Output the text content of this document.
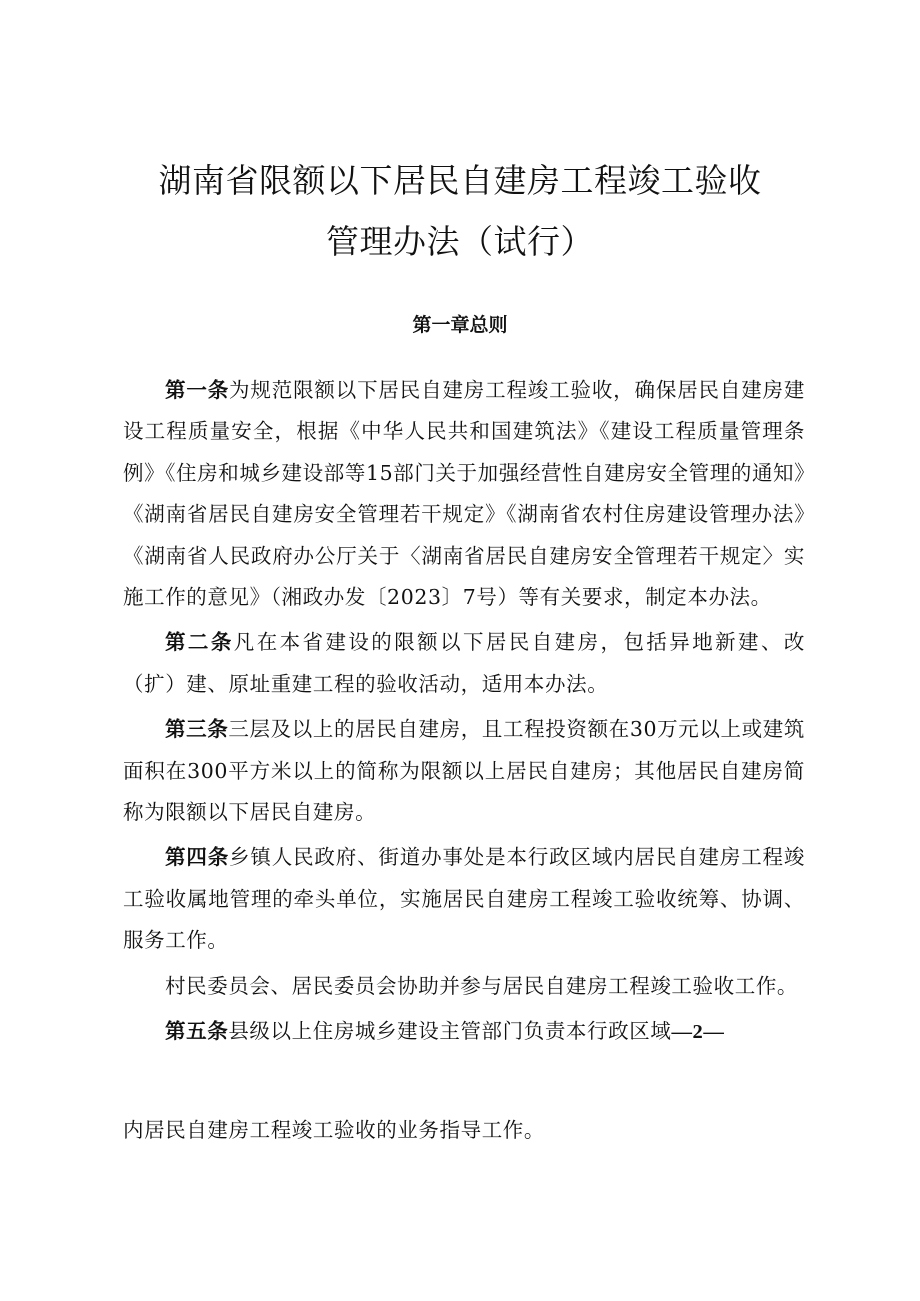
湖南省限额以下居民自建房工程竣工验收
管理办法（试行）
第一章总则

第一条为规范限额以下居民自建房工程竣工验收，确保居民自建房建设工程质量安全，根据《中华人民共和国建筑法》《建设工程质量管理条例》《住房和城乡建设部等15部门关于加强经营性自建房安全管理的通知》《湖南省居民自建房安全管理若干规定》《湖南省农村住房建设管理办法》《湖南省人民政府办公厅关于〈湖南省居民自建房安全管理若干规定〉实施工作的意见》（湘政办发〔2023〕7号）等有关要求，制定本办法。

第二条凡在本省建设的限额以下居民自建房，包括异地新建、改（扩）建、原址重建工程的验收活动，适用本办法。

第三条三层及以上的居民自建房，且工程投资额在30万元以上或建筑面积在300平方米以上的简称为限额以上居民自建房；其他居民自建房简称为限额以下居民自建房。

第四条乡镇人民政府、街道办事处是本行政区域内居民自建房工程竣工验收属地管理的牵头单位，实施居民自建房工程竣工验收统筹、协调、服务工作。

村民委员会、居民委员会协助并参与居民自建房工程竣工验收工作。

第五条县级以上住房城乡建设主管部门负责本行政区域—2—

内居民自建房工程竣工验收的业务指导工作。
